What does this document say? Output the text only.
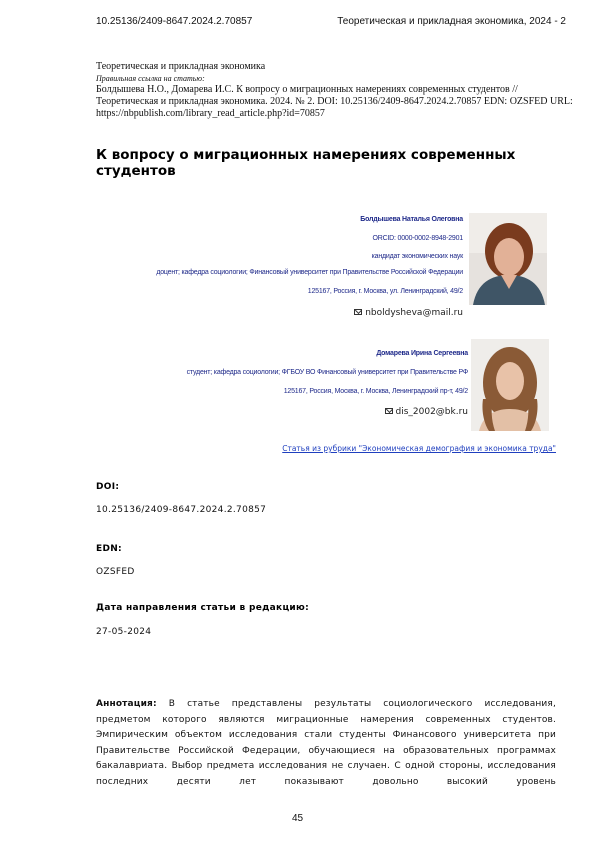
10.25136/2409-8647.2024.2.70857	Теоретическая и прикладная экономика, 2024 - 2
Теоретическая и прикладная экономика
Правильная ссылка на статью:
Болдышева Н.О., Домарева И.С. К вопросу о миграционных намерениях современных студентов //
Теоретическая и прикладная экономика. 2024. № 2. DOI: 10.25136/2409-8647.2024.2.70857 EDN: OZSFED URL:
https://nbpublish.com/library_read_article.php?id=70857
К вопросу о миграционных намерениях современных студентов
Болдышева Наталья Олеговна
ORCID: 0000-0002-8948-2901
кандидат экономических наук
доцент; кафедра социологии; Финансовый университет при Правительстве Российской Федерации
125167, Россия, г. Москва, ул. Ленинградский, 49/2
nboldysheva@mail.ru
Домарева Ирина Сергеевна
студент; кафедра социологии; ФГБОУ ВО Финансовый университет при Правительстве РФ
125167, Россия, Москва, г. Москва, Ленинградский пр-т, 49/2
dis_2002@bk.ru
Статья из рубрики "Экономическая демография и экономика труда"
DOI:
10.25136/2409-8647.2024.2.70857
EDN:
OZSFED
Дата направления статьи в редакцию:
27-05-2024
Аннотация: В статье представлены результаты социологического исследования, предметом которого являются миграционные намерения современных студентов. Эмпирическим объектом исследования стали студенты Финансового университета при Правительстве Российской Федерации, обучающиеся на образовательных программах бакалавриата. Выбор предмета исследования не случаен. С одной стороны, исследования последних десяти лет показывают довольно высокий уровень
45
